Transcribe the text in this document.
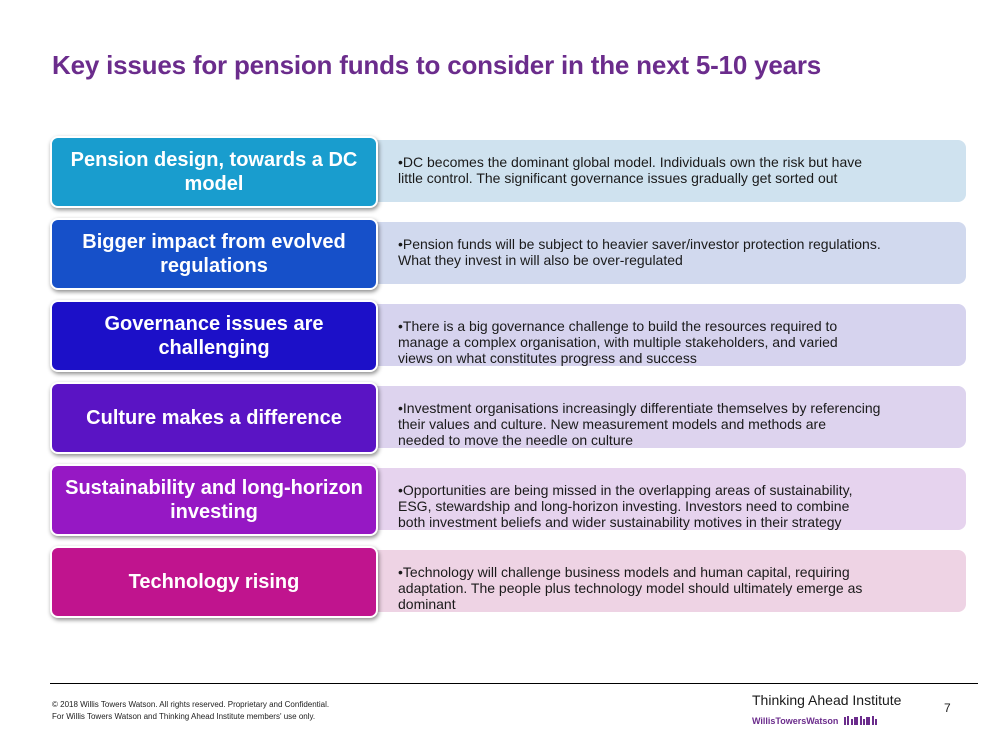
Key issues for pension funds to consider in the next 5-10 years
•DC becomes the dominant global model. Individuals own the risk but have
little control. The significant governance issues gradually get sorted out
Pension design, towards a DC model
•Pension funds will be subject to heavier saver/investor protection regulations.
What they invest in will also be over-regulated
Bigger impact from evolved regulations
•There is a big governance challenge to build the resources required to
manage a complex organisation, with multiple stakeholders, and varied
views on what constitutes progress and success
Governance issues are challenging
•Investment organisations increasingly differentiate themselves by referencing
their values and culture. New measurement models and methods are
needed to move the needle on culture
Culture makes a difference
•Opportunities are being missed in the overlapping areas of sustainability,
ESG, stewardship and long-horizon investing. Investors need to combine
both investment beliefs and wider sustainability motives in their strategy
Sustainability and long-horizon investing
•Technology will challenge business models and human capital, requiring
adaptation. The people plus technology model should ultimately emerge as
dominant
Technology rising
© 2018 Willis Towers Watson. All rights reserved. Proprietary and Confidential.
For Willis Towers Watson and Thinking Ahead Institute members' use only.
Thinking Ahead Institute
WillisTowersWatson
7
